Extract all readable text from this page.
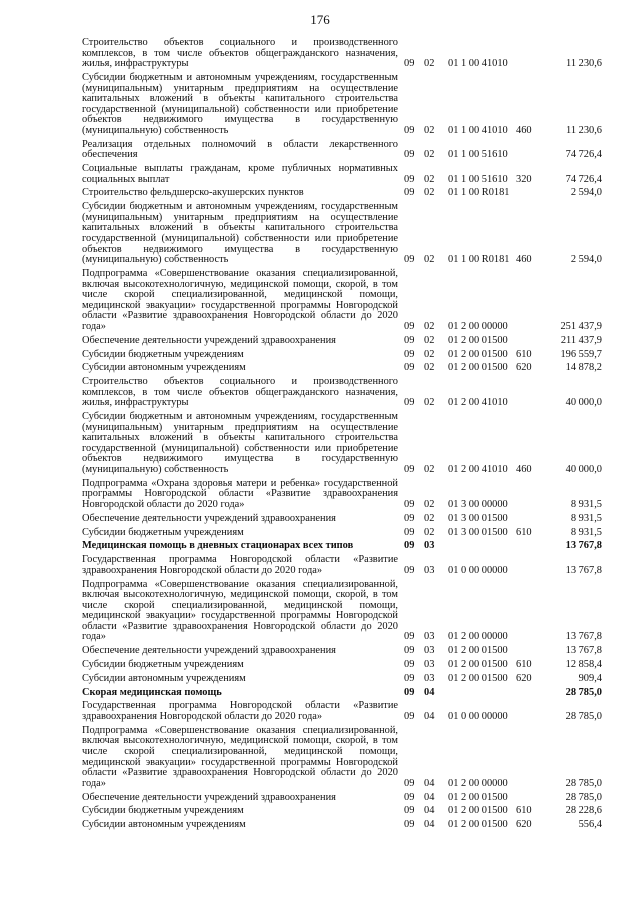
176
Строительство объектов социального и производственного комплексов, в том числе объектов общегражданского назначения, жилья, инфраструктуры	09 02 01 1 00 41010	11 230,6
Субсидии бюджетным и автономным учреждениям, государственным (муниципальным) унитарным предприятиям на осуществление капитальных вложений в объекты капитального строительства государственной (муниципальной) собственности или приобретение объектов недвижимого имущества в государственную (муниципальную) собственность	09 02 01 1 00 41010 460	11 230,6
Реализация отдельных полномочий в области лекарственного обеспечения	09 02 01 1 00 51610	74 726,4
Социальные выплаты гражданам, кроме публичных нормативных социальных выплат	09 02 01 1 00 51610 320	74 726,4
Строительство фельдшерско-акушерских пунктов	09 02 01 1 00 R0181	2 594,0
Субсидии бюджетным и автономным учреждениям, государственным (муниципальным) унитарным предприятиям на осуществление капитальных вложений в объекты капитального строительства государственной (муниципальной) собственности или приобретение объектов недвижимого имущества в государственную (муниципальную) собственность	09 02 01 1 00 R0181 460	2 594,0
Подпрограмма «Совершенствование оказания специализированной, включая высокотехнологичную, медицинской помощи, скорой, в том числе скорой специализированной, медицинской помощи, медицинской эвакуации» государственной программы Новгородской области «Развитие здравоохранения Новгородской области до 2020 года»	09 02 01 2 00 00000	251 437,9
Обеспечение деятельности учреждений здравоохранения	09 02 01 2 00 01500	211 437,9
Субсидии бюджетным учреждениям	09 02 01 2 00 01500 610	196 559,7
Субсидии автономным учреждениям	09 02 01 2 00 01500 620	14 878,2
Строительство объектов социального и производственного комплексов, в том числе объектов общегражданского назначения, жилья, инфраструктуры	09 02 01 2 00 41010	40 000,0
Субсидии бюджетным и автономным учреждениям, государственным (муниципальным) унитарным предприятиям на осуществление капитальных вложений в объекты капитального строительства государственной (муниципальной) собственности или приобретение объектов недвижимого имущества в государственную (муниципальную) собственность	09 02 01 2 00 41010 460	40 000,0
Подпрограмма «Охрана здоровья матери и ребенка» государственной программы Новгородской области «Развитие здравоохранения Новгородской области до 2020 года»	09 02 01 3 00 00000	8 931,5
Обеспечение деятельности учреждений здравоохранения	09 02 01 3 00 01500	8 931,5
Субсидии бюджетным учреждениям	09 02 01 3 00 01500 610	8 931,5
Медицинская помощь в дневных стационарах всех типов	09 03	13 767,8
Государственная программа Новгородской области «Развитие здравоохранения Новгородской области до 2020 года»	09 03 01 0 00 00000	13 767,8
Подпрограмма «Совершенствование оказания специализированной, включая высокотехнологичную, медицинской помощи, скорой, в том числе скорой специализированной, медицинской помощи, медицинской эвакуации» государственной программы Новгородской области «Развитие здравоохранения Новгородской области до 2020 года»	09 03 01 2 00 00000	13 767,8
Обеспечение деятельности учреждений здравоохранения	09 03 01 2 00 01500	13 767,8
Субсидии бюджетным учреждениям	09 03 01 2 00 01500 610	12 858,4
Субсидии автономным учреждениям	09 03 01 2 00 01500 620	909,4
Скорая медицинская помощь	09 04	28 785,0
Государственная программа Новгородской области «Развитие здравоохранения Новгородской области до 2020 года»	09 04 01 0 00 00000	28 785,0
Подпрограмма «Совершенствование оказания специализированной, включая высокотехнологичную, медицинской помощи, скорой, в том числе скорой специализированной, медицинской помощи, медицинской эвакуации» государственной программы Новгородской области «Развитие здравоохранения Новгородской области до 2020 года»	09 04 01 2 00 00000	28 785,0
Обеспечение деятельности учреждений здравоохранения	09 04 01 2 00 01500	28 785,0
Субсидии бюджетным учреждениям	09 04 01 2 00 01500 610	28 228,6
Субсидии автономным учреждениям	09 04 01 2 00 01500 620	556,4
